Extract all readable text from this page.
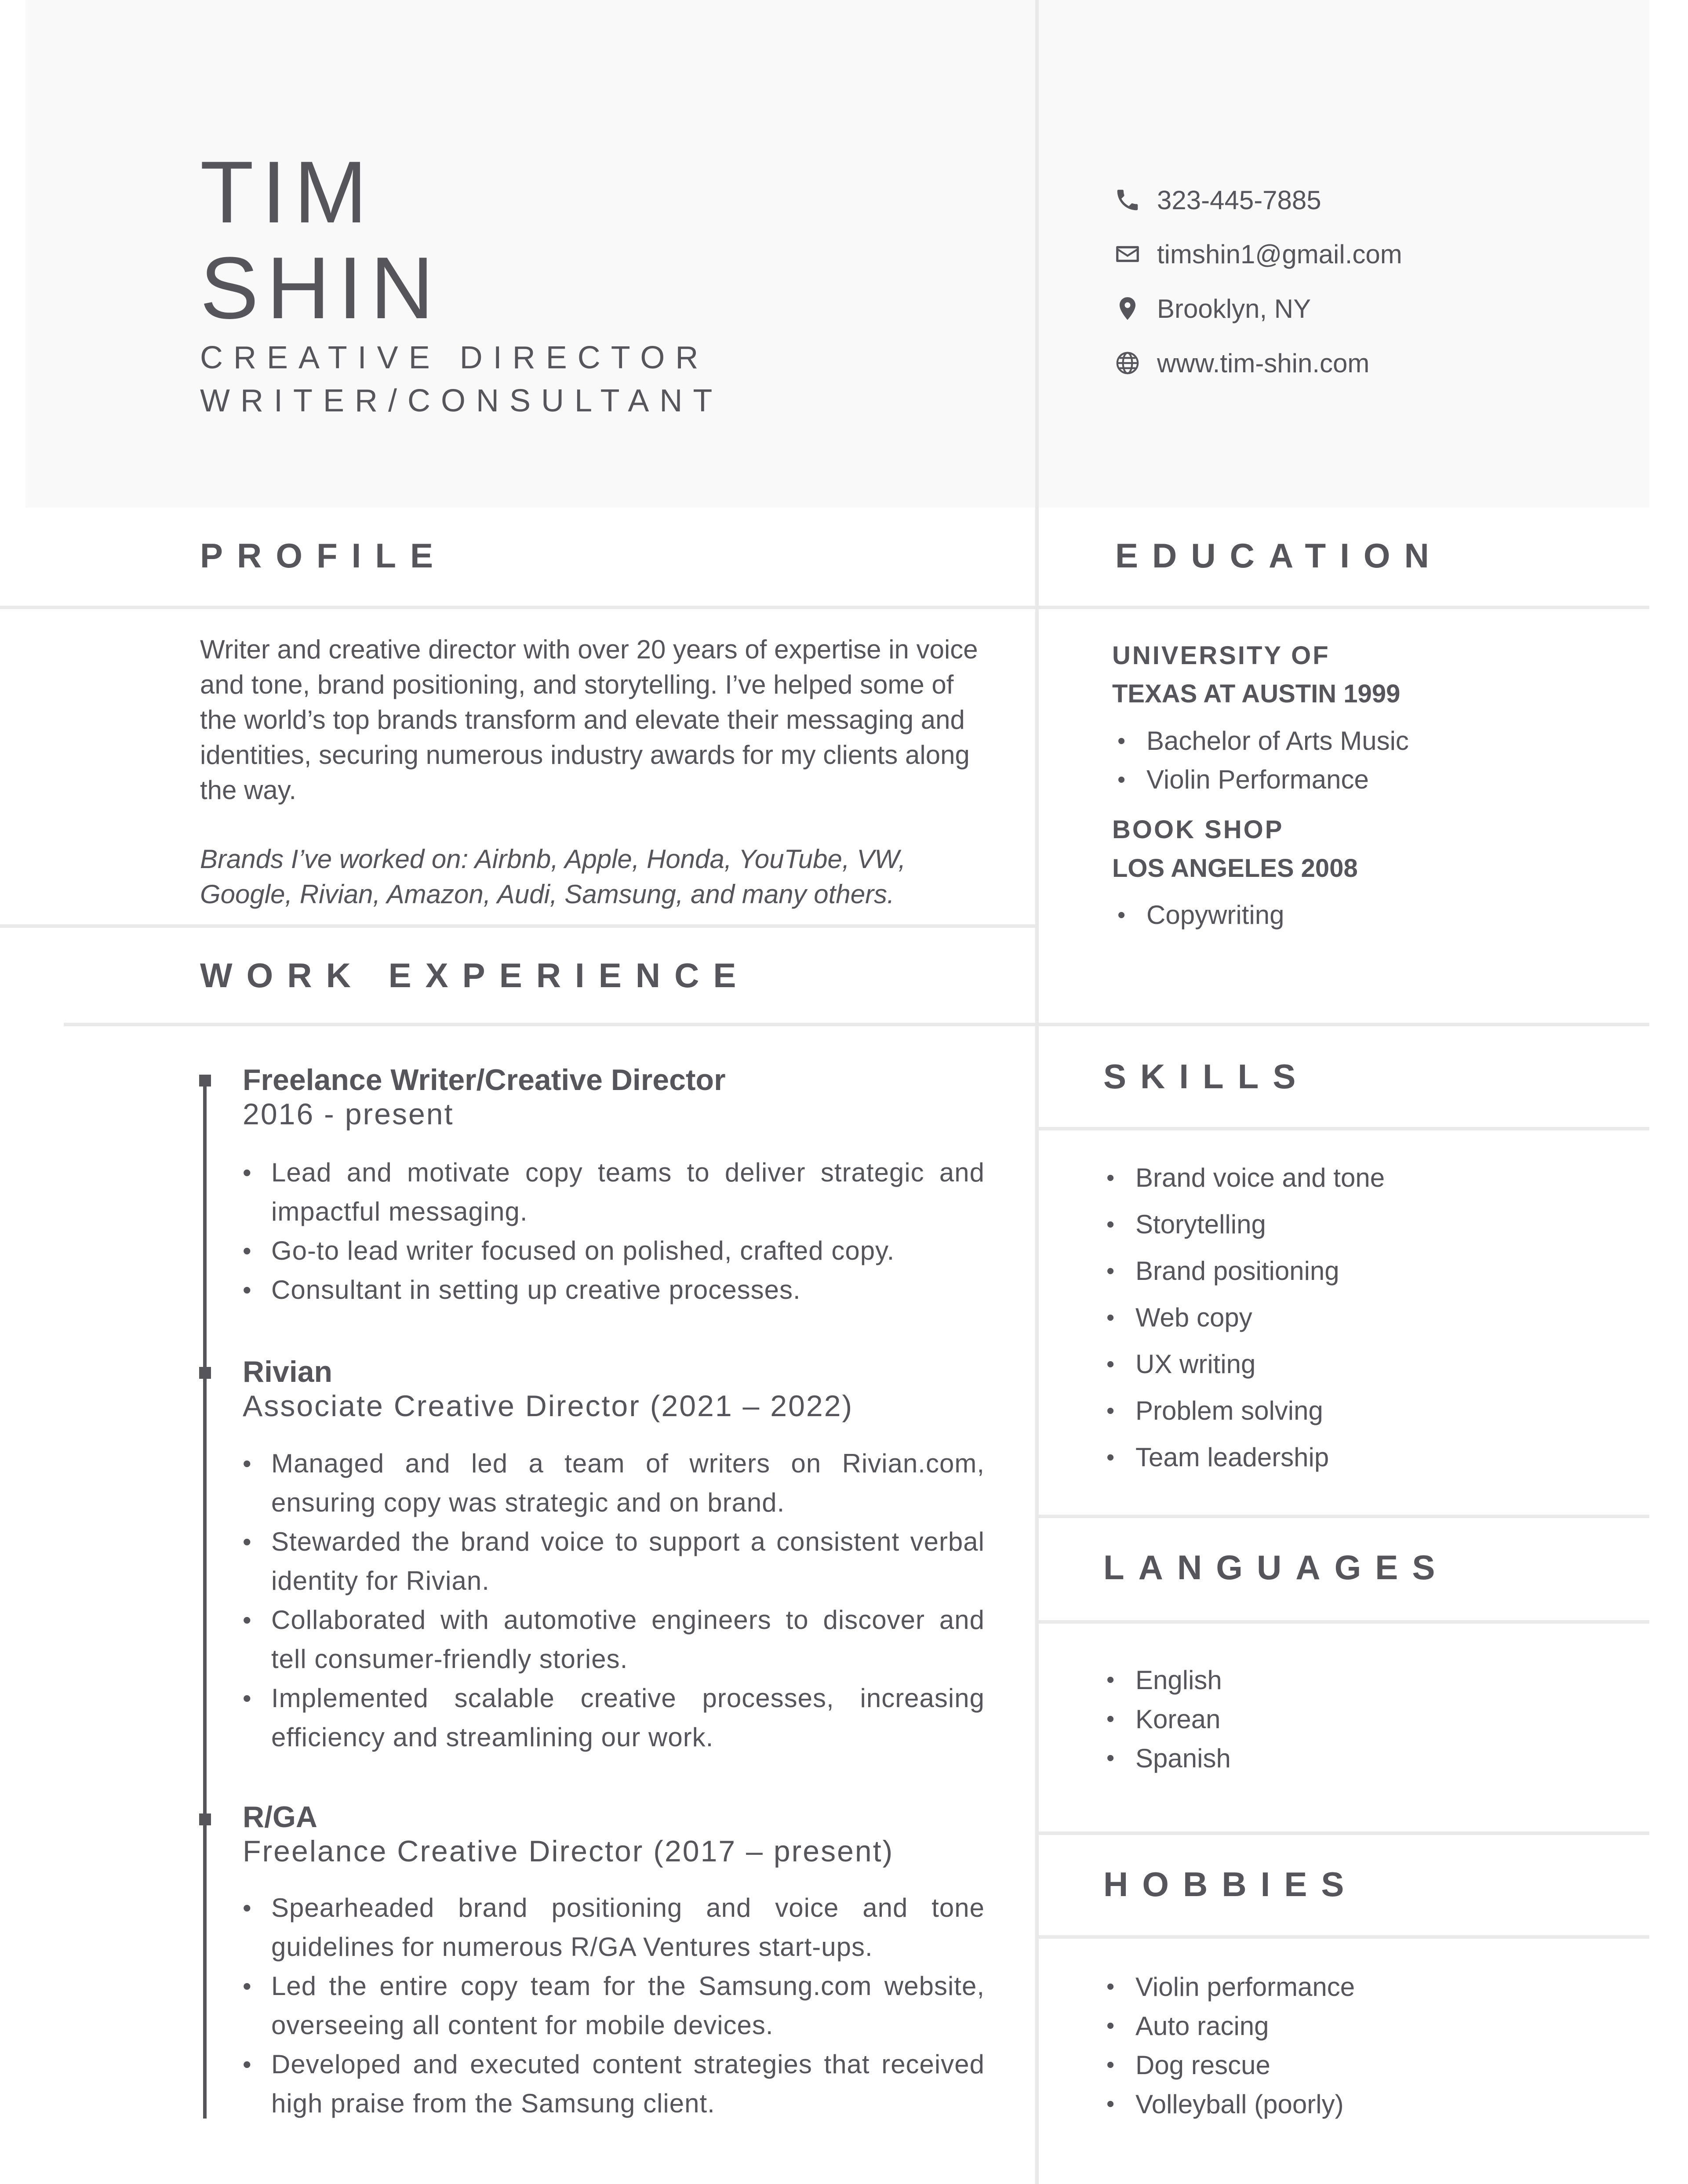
TIM
SHIN
CREATIVE DIRECTOR
WRITER/CONSULTANT
323-445-7885
timshin1@gmail.com
Brooklyn, NY
www.tim-shin.com
PROFILE
Writer and creative director with over 20 years of expertise in voice and tone, brand positioning, and storytelling. I’ve helped some of the world’s top brands transform and elevate their messaging and identities, securing numerous industry awards for my clients along the way.
Brands I’ve worked on: Airbnb, Apple, Honda, YouTube, VW, Google, Rivian, Amazon, Audi, Samsung, and many others.
WORK EXPERIENCE
Freelance Writer/Creative Director
2016 - present
• Lead and motivate copy teams to deliver strategic and impactful messaging.
• Go-to lead writer focused on polished, crafted copy.
• Consultant in setting up creative processes.
Rivian
Associate Creative Director (2021 – 2022)
• Managed and led a team of writers on Rivian.com, ensuring copy was strategic and on brand.
• Stewarded the brand voice to support a consistent verbal identity for Rivian.
• Collaborated with automotive engineers to discover and tell consumer-friendly stories.
• Implemented scalable creative processes, increasing efficiency and streamlining our work.
R/GA
Freelance Creative Director (2017 – present)
• Spearheaded brand positioning and voice and tone guidelines for numerous R/GA Ventures start-ups.
• Led the entire copy team for the Samsung.com website, overseeing all content for mobile devices.
• Developed and executed content strategies that received high praise from the Samsung client.
EDUCATION
UNIVERSITY OF
TEXAS AT AUSTIN 1999
• Bachelor of Arts Music
• Violin Performance
BOOK SHOP
LOS ANGELES 2008
• Copywriting
SKILLS
• Brand voice and tone
• Storytelling
• Brand positioning
• Web copy
• UX writing
• Problem solving
• Team leadership
LANGUAGES
• English
• Korean
• Spanish
HOBBIES
• Violin performance
• Auto racing
• Dog rescue
• Volleyball (poorly)
